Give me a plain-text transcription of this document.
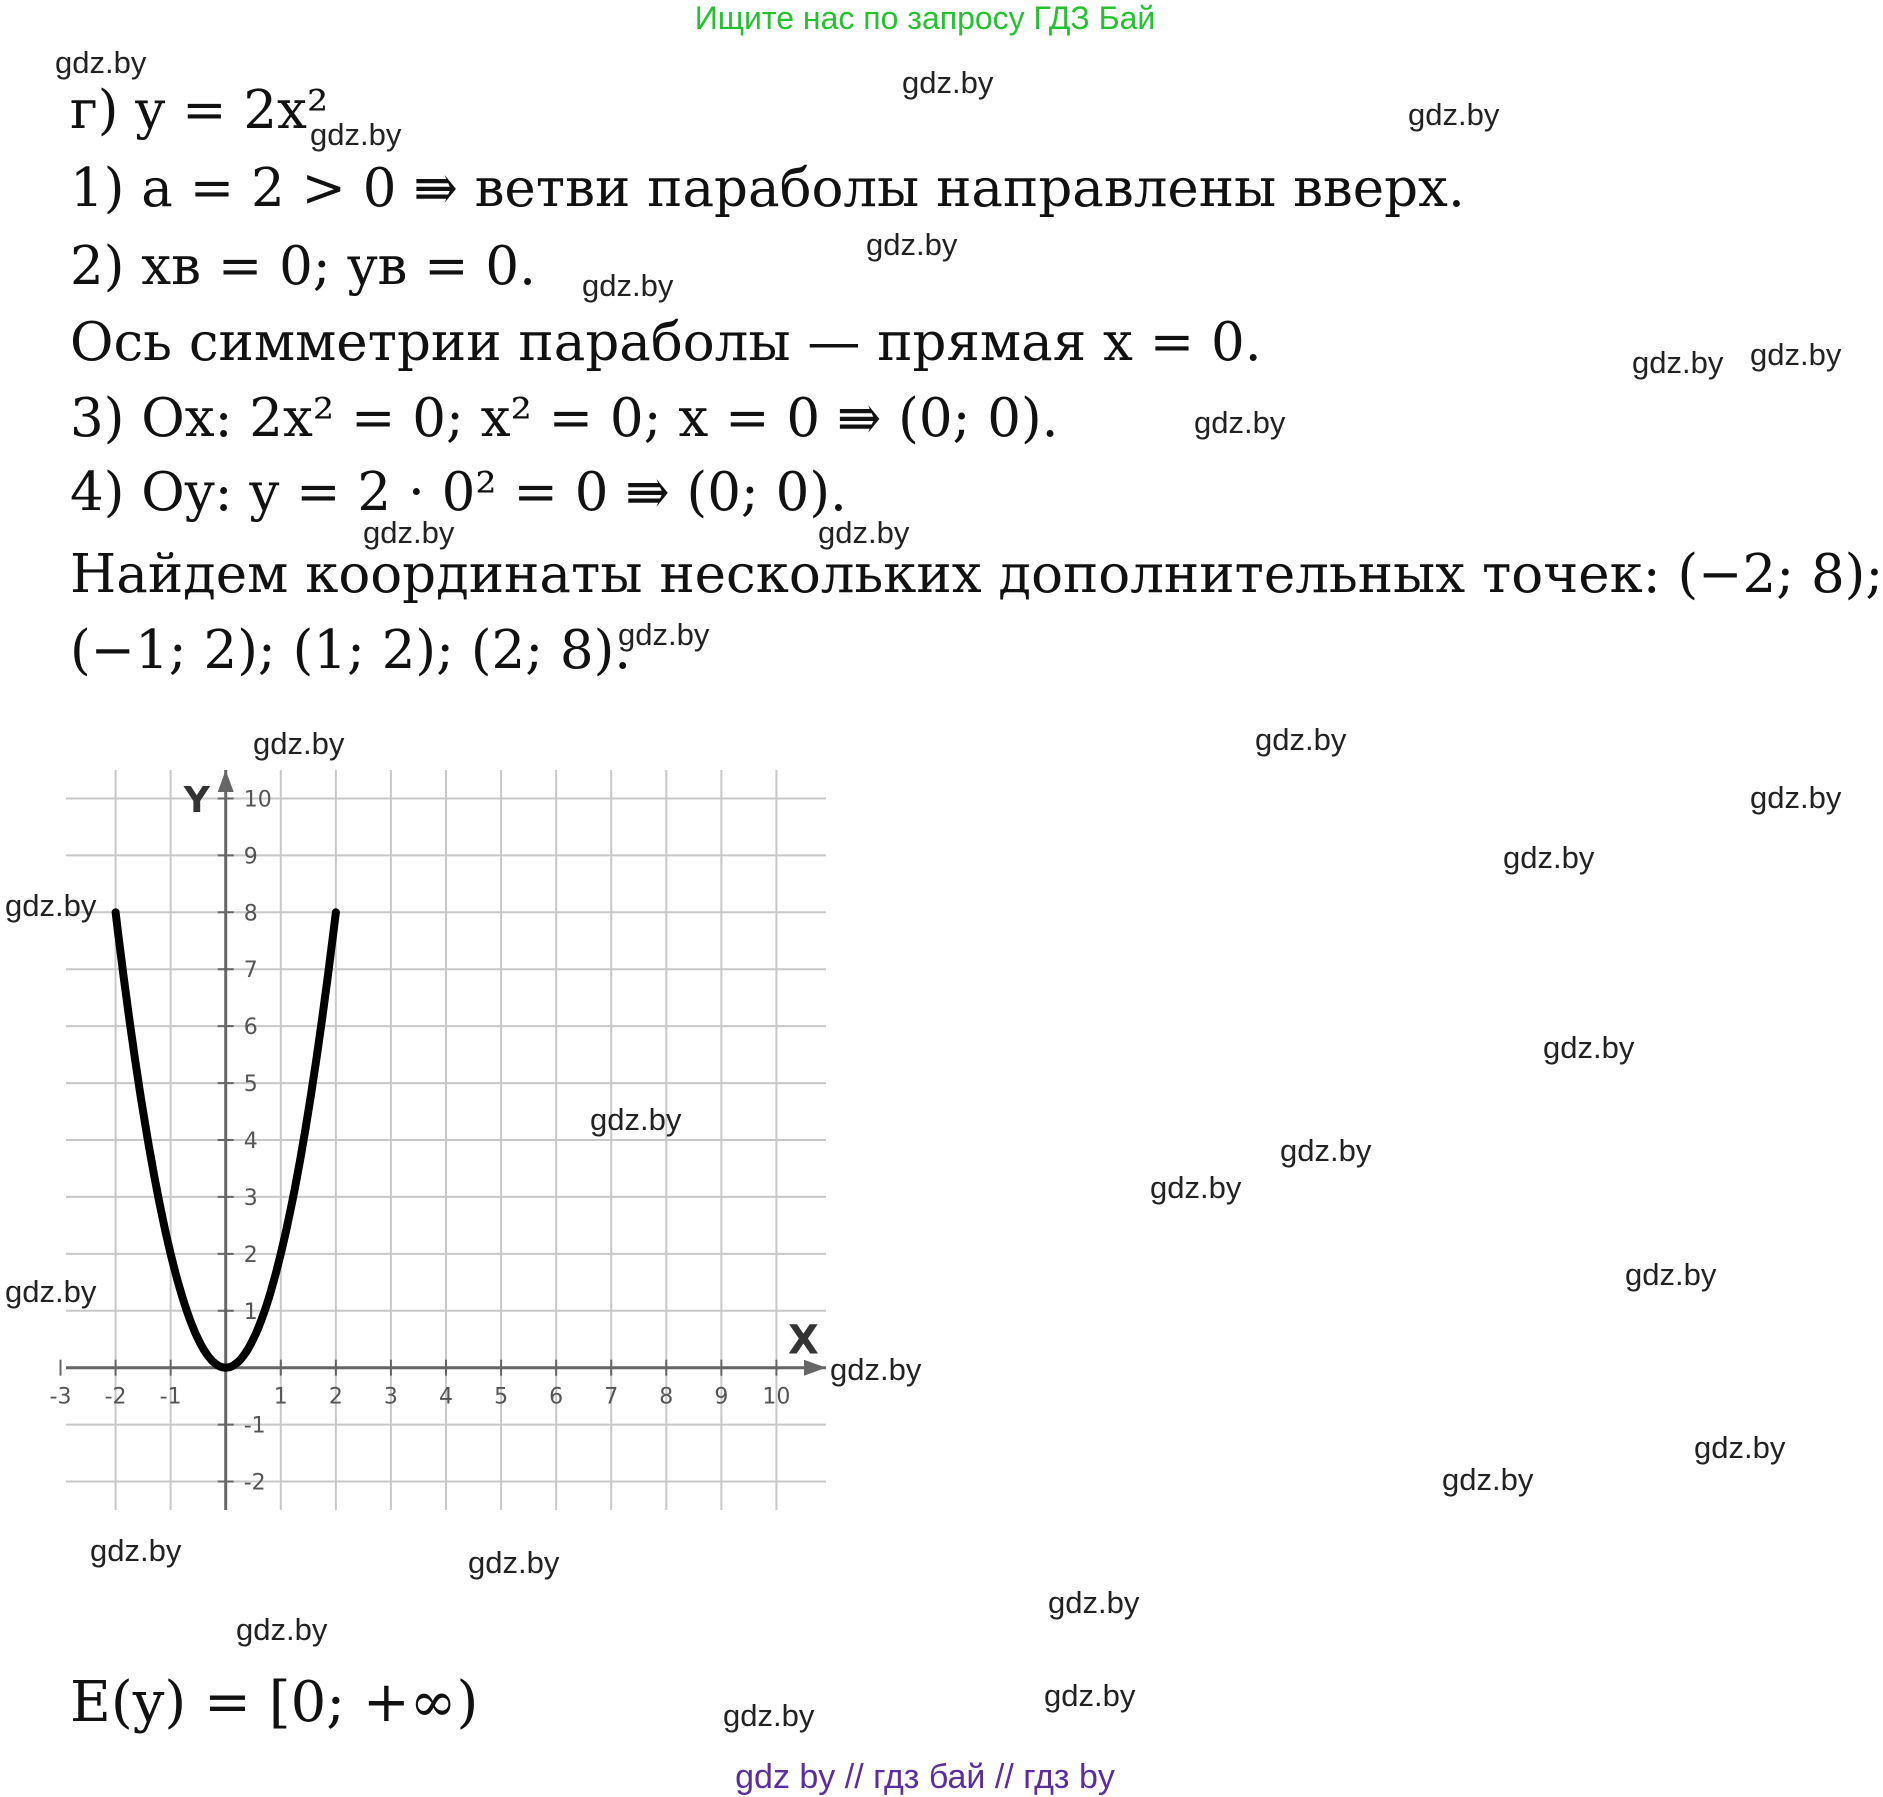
Ищите нас по запросу ГДЗ Бай
г) y = 2x²
1) a = 2 > 0 ⇛ ветви параболы направлены вверх.
2) xв = 0; yв = 0.
Ось симметрии параболы — прямая x = 0.
3) Ox: 2x² = 0; x² = 0; x = 0 ⇛ (0; 0).
4) Oy: y = 2 · 0² = 0 ⇛ (0; 0).
Найдем координаты нескольких дополнительных точек: (−2; 8);
(−1; 2); (1; 2); (2; 8).
-3 -2 -1	1 2 3 4 5 6 7 8 9 10
-2
-1
1
2
3
4
5
6
7
8
9
10
X
Y
E(y) = [0; +∞)
gdz.by
gdz.by
gdz.by
gdz.by
gdz.by
gdz.by
gdz.by gdz.by
gdz.by
gdz.by	gdz.by
gdz.by
gdz.by	gdz.by
gdz.by
gdz.by
gdz.by
gdz.by
gdz.by
gdz.by
gdz.by
gdz.by
gdz.by
gdz.by
gdz.by
gdz.by
gdz.by	gdz.by
gdz.by
gdz.by
gdz.by
gdz.by
gdz by // гдз бай // гдз by
